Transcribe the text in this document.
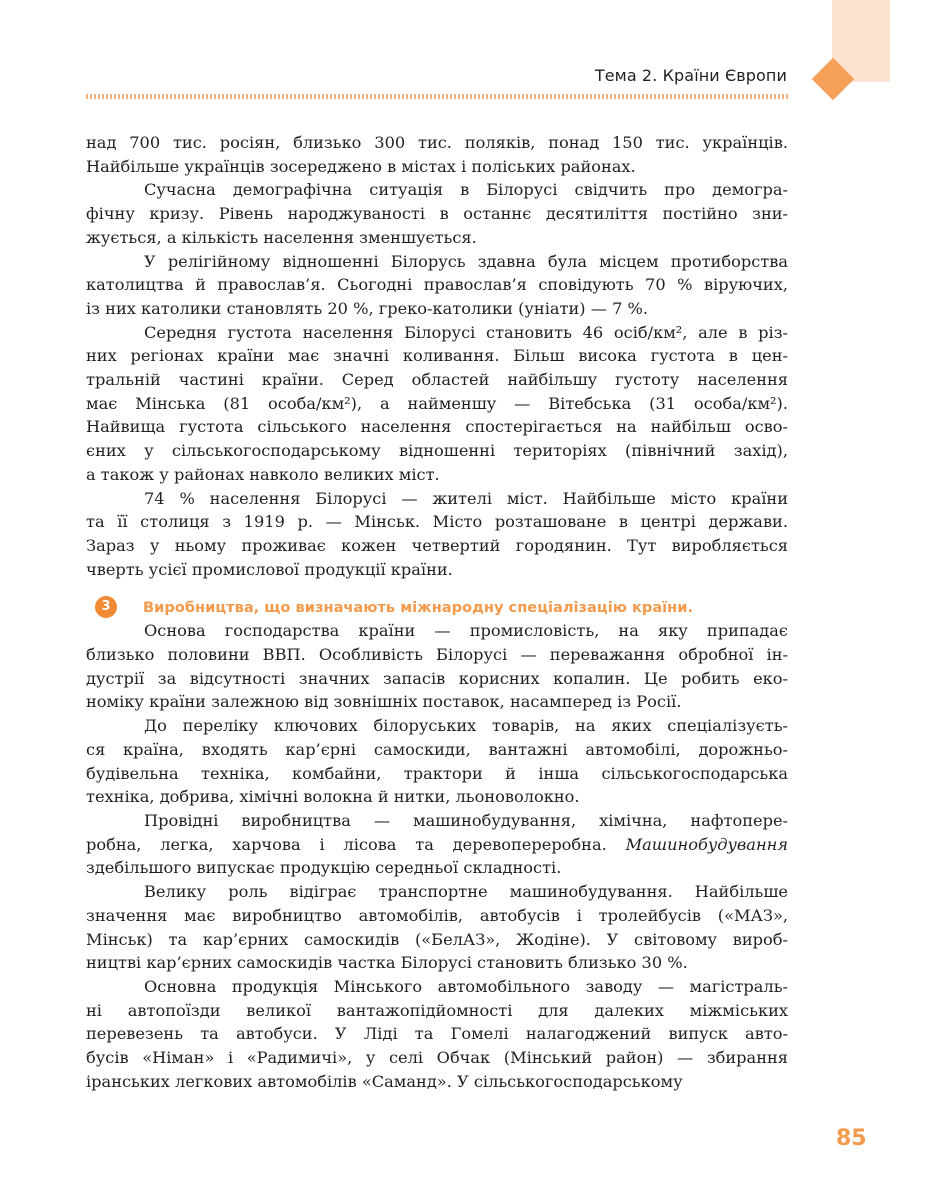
Тема 2. Країни Європи
над 700 тис. росіян, близько 300 тис. поляків, понад 150 тис. українців.
Найбільше українців зосереджено в містах і поліських районах.
Сучасна демографічна ситуація в Білорусі свідчить про демогра-
фічну кризу. Рівень народжуваності в останнє десятиліття постійно зни-
жується, а кількість населення зменшується.
У релігійному відношенні Білорусь здавна була місцем протиборства
католицтва й православ’я. Сьогодні православ’я сповідують 70 % віруючих,
із них католики становлять 20 %, греко-католики (уніати) — 7 %.
Середня густота населення Білорусі становить 46 осіб/км², але в різ-
них регіонах країни має значні коливання. Більш висока густота в цен-
тральній частині країни. Серед областей найбільшу густоту населення
має Мінська (81 особа/км²), а найменшу — Вітебська (31 особа/км²).
Найвища густота сільського населення спостерігається на найбільш осво-
єних у сільськогосподарському відношенні територіях (північний захід),
а також у районах навколо великих міст.
74 % населення Білорусі — жителі міст. Найбільше місто країни
та її столиця з 1919 р. — Мінськ. Місто розташоване в центрі держави.
Зараз у ньому проживає кожен четвертий городянин. Тут виробляється
чверть усієї промислової продукції країни.
3	Виробництва, що визначають міжнародну спеціалізацію країни.
Основа господарства країни — промисловість, на яку припадає
близько половини ВВП. Особливість Білорусі — переважання обробної ін-
дустрії за відсутності значних запасів корисних копалин. Це робить еко-
номіку країни залежною від зовнішніх поставок, насамперед із Росії.
До переліку ключових білоруських товарів, на яких спеціалізуєть-
ся країна, входять кар’єрні самоскиди, вантажні автомобілі, дорожньо-
будівельна техніка, комбайни, трактори й інша сільськогосподарська
техніка, добрива, хімічні волокна й нитки, льоноволокно.
Провідні виробництва — машинобудування, хімічна, нафтопере-
робна, легка, харчова і лісова та деревопереробна. Машинобудування
здебільшого випускає продукцію середньої складності.
Велику роль відіграє транспортне машинобудування. Найбільше
значення має виробництво автомобілів, автобусів і тролейбусів («МАЗ»,
Мінськ) та кар’єрних самоскидів («БелАЗ», Жодіне). У світовому вироб-
ництві кар’єрних самоскидів частка Білорусі становить близько 30 %.
Основна продукція Мінського автомобільного заводу — магістраль-
ні автопоїзди великої вантажопідйомності для далеких міжміських
перевезень та автобуси. У Ліді та Гомелі налагоджений випуск авто-
бусів «Німан» і «Радимичі», у селі Обчак (Мінський район) — збирання
іранських легкових автомобілів «Саманд». У сільськогосподарському
85
